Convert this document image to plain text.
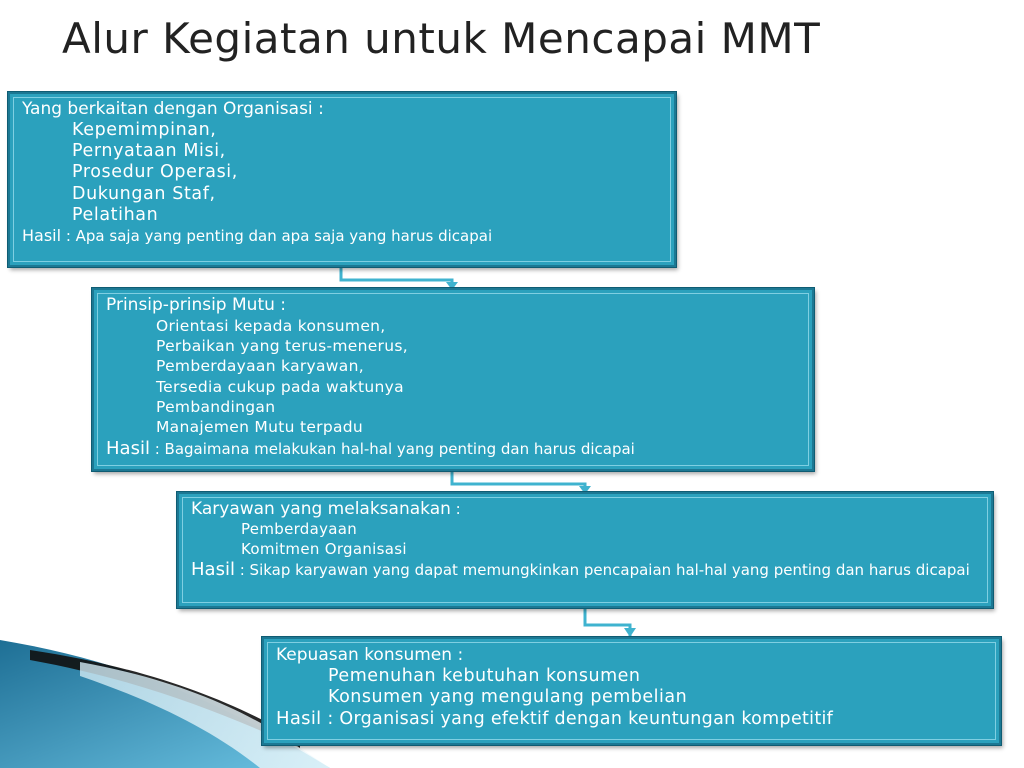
Alur Kegiatan untuk Mencapai MMT
Yang berkaitan dengan Organisasi :
Kepemimpinan,
Pernyataan Misi,
Prosedur Operasi,
Dukungan Staf,
Pelatihan
Hasil : Apa saja yang penting dan apa saja yang harus dicapai
Prinsip-prinsip Mutu :
Orientasi kepada konsumen,
Perbaikan yang terus-menerus,
Pemberdayaan karyawan,
Tersedia cukup pada waktunya
Pembandingan
Manajemen Mutu terpadu
Hasil : Bagaimana melakukan hal-hal yang penting dan harus dicapai
Karyawan yang melaksanakan :
Pemberdayaan
Komitmen Organisasi
Hasil : Sikap karyawan yang dapat memungkinkan pencapaian hal-hal yang penting dan harus dicapai
Kepuasan konsumen :
Pemenuhan kebutuhan konsumen
Konsumen yang mengulang pembelian
Hasil : Organisasi yang efektif dengan keuntungan kompetitif
